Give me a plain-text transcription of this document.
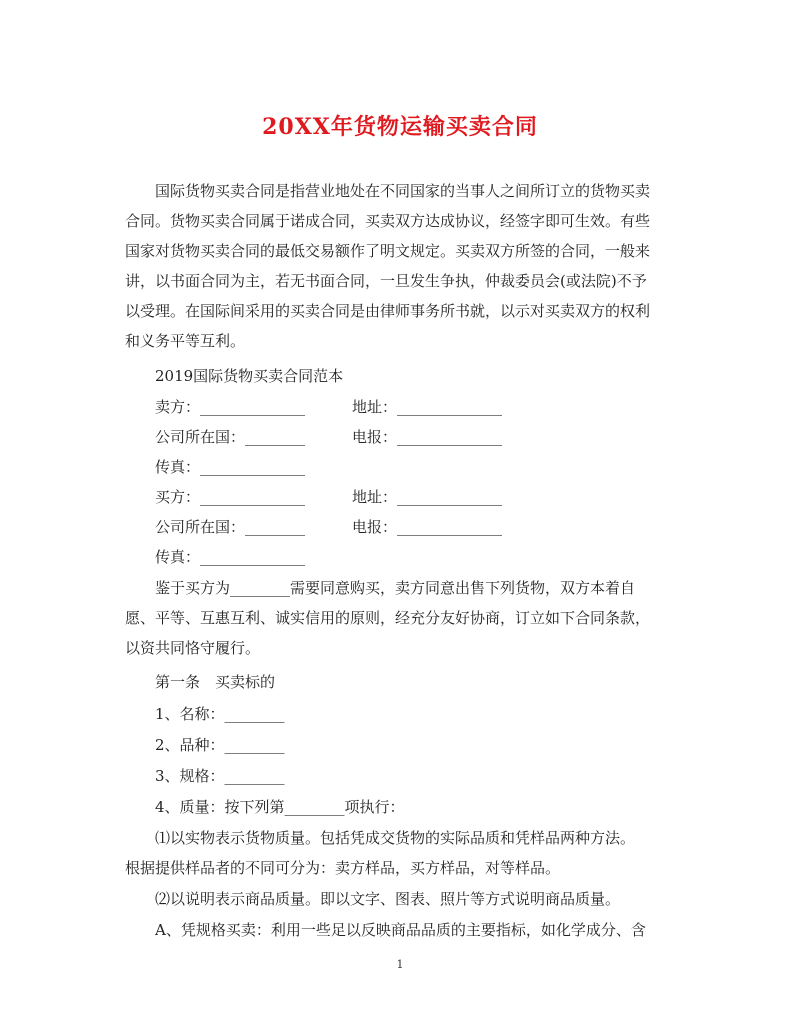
20XX年货物运输买卖合同
国际货物买卖合同是指营业地处在不同国家的当事人之间所订立的货物买卖
合同。货物买卖合同属于诺成合同，买卖双方达成协议，经签字即可生效。有些
国家对货物买卖合同的最低交易额作了明文规定。买卖双方所签的合同，一般来
讲，以书面合同为主，若无书面合同，一旦发生争执，仲裁委员会(或法院)不予
以受理。在国际间采用的买卖合同是由律师事务所书就，以示对买卖双方的权利
和义务平等互利。
2019国际货物买卖合同范本
卖方：______________	地址：______________
公司所在国：________	电报：______________
传真：______________
买方：______________	地址：______________
公司所在国：________	电报：______________
传真：______________
鉴于买方为________需要同意购买，卖方同意出售下列货物，双方本着自
愿、平等、互惠互利、诚实信用的原则，经充分友好协商，订立如下合同条款，
以资共同恪守履行。
第一条　买卖标的
1、名称：________
2、品种：________
3、规格：________
4、质量：按下列第________项执行：
⑴以实物表示货物质量。包括凭成交货物的实际品质和凭样品两种方法。
根据提供样品者的不同可分为：卖方样品，买方样品，对等样品。
⑵以说明表示商品质量。即以文字、图表、照片等方式说明商品质量。
A、凭规格买卖：利用一些足以反映商品品质的主要指标，如化学成分、含
1
